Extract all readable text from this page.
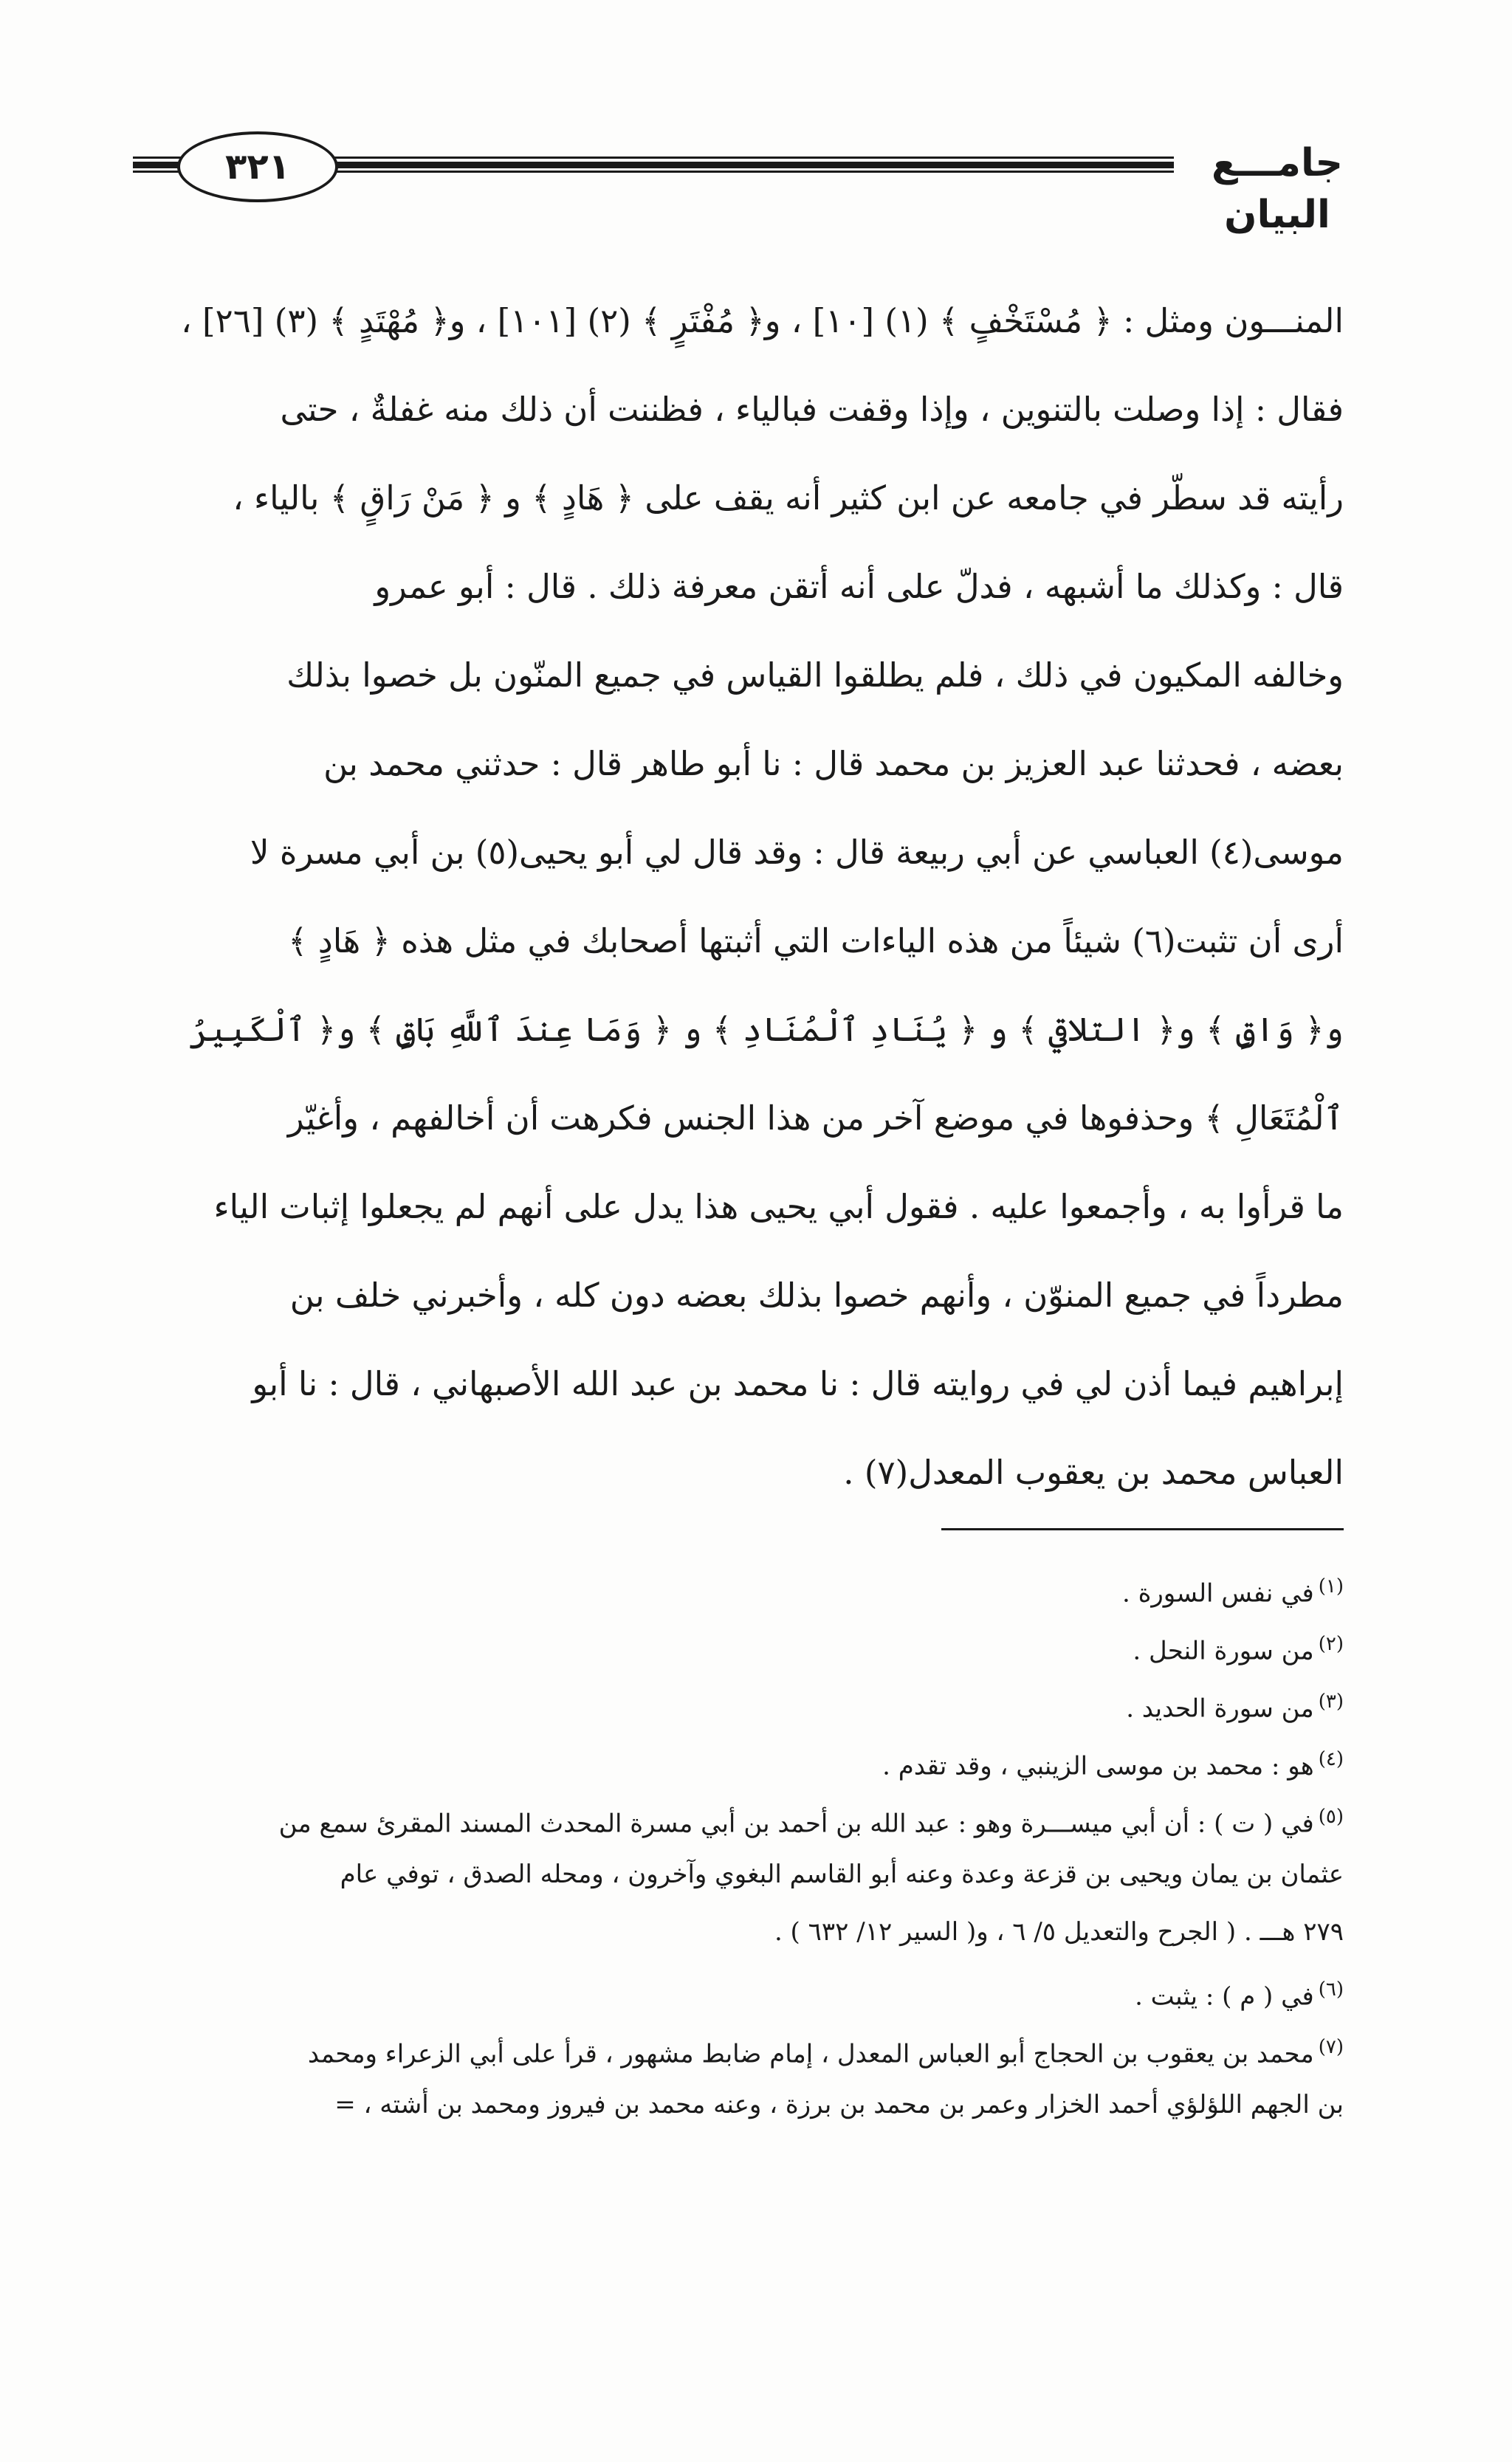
جامـــع البيان
٣٢١
المنـــون ومثل : ﴿ مُسْتَخْفٍ ﴾ (١) [١٠] ، و﴿ مُفْتَرٍ ﴾ (٢) [١٠١] ، و﴿ مُهْتَدٍ ﴾ (٣) [٢٦] ،
فقال : إذا وصلت بالتنوين ، وإذا وقفت فبالياء ، فظننت أن ذلك منه غفلةٌ ، حتى
رأيته قد سطّر في جامعه عن ابن كثير أنه يقف على ﴿ هَادٍ ﴾ و ﴿ مَنْ رَاقٍ ﴾ بالياء ،
قال : وكذلك ما أشبهه ، فدلّ على أنه أتقن معرفة ذلك . قال : أبو عمرو
وخالفه المكيون في ذلك ، فلم يطلقوا القياس في جميع المنّون بل خصوا بذلك
بعضه ، فحدثنا عبد العزيز بن محمد قال : نا أبو طاهر قال : حدثني محمد بن
موسى(٤) العباسي عن أبي ربيعة قال : وقد قال لي أبو يحيى(٥) بن أبي مسرة لا
أرى أن تثبت(٦) شيئاً من هذه الياءات التي أثبتها أصحابك في مثل هذه ﴿ هَادٍ ﴾
و﴿ وَاقٍ ﴾ و﴿ التلاقي ﴾ و ﴿ يُنَادِ ٱلْمُنَادِ ﴾ و ﴿ وَمَا عِندَ ٱللَّهِ بَاقٍ ﴾ و﴿ ٱلْكَبِيرُ
ٱلْمُتَعَالِ ﴾ وحذفوها في موضع آخر من هذا الجنس فكرهت أن أخالفهم ، وأغيّر
ما قرأوا به ، وأجمعوا عليه . فقول أبي يحيى هذا يدل على أنهم لم يجعلوا إثبات الياء
مطرداً في جميع المنوّن ، وأنهم خصوا بذلك بعضه دون كله ، وأخبرني خلف بن
إبراهيم فيما أذن لي في روايته قال : نا محمد بن عبد الله الأصبهاني ، قال : نا أبو
العباس محمد بن يعقوب المعدل(٧) .
$^{(١)}$في نفس السورة .
$^{(٢)}$من سورة النحل .
$^{(٣)}$من سورة الحديد .
$^{(٤)}$هو : محمد بن موسى الزينبي ، وقد تقدم .
$^{(٥)}$في ( ت ) : أن أبي ميســـرة وهو : عبد الله بن أحمد بن أبي مسرة المحدث المسند المقرئ سمع من
عثمان بن يمان ويحيى بن قزعة وعدة وعنه أبو القاسم البغوي وآخرون ، ومحله الصدق ، توفي عام
٢٧٩ هـــ . ( الجرح والتعديل ٥/ ٦ ، و( السير ١٢/ ٦٣٢ ) .
$^{(٦)}$في ( م ) : يثبت .
$^{(٧)}$محمد بن يعقوب بن الحجاج أبو العباس المعدل ، إمام ضابط مشهور ، قرأ على أبي الزعراء ومحمد
بن الجهم اللؤلؤي أحمد الخزار وعمر بن محمد بن برزة ، وعنه محمد بن فيروز ومحمد بن أشته ، =
